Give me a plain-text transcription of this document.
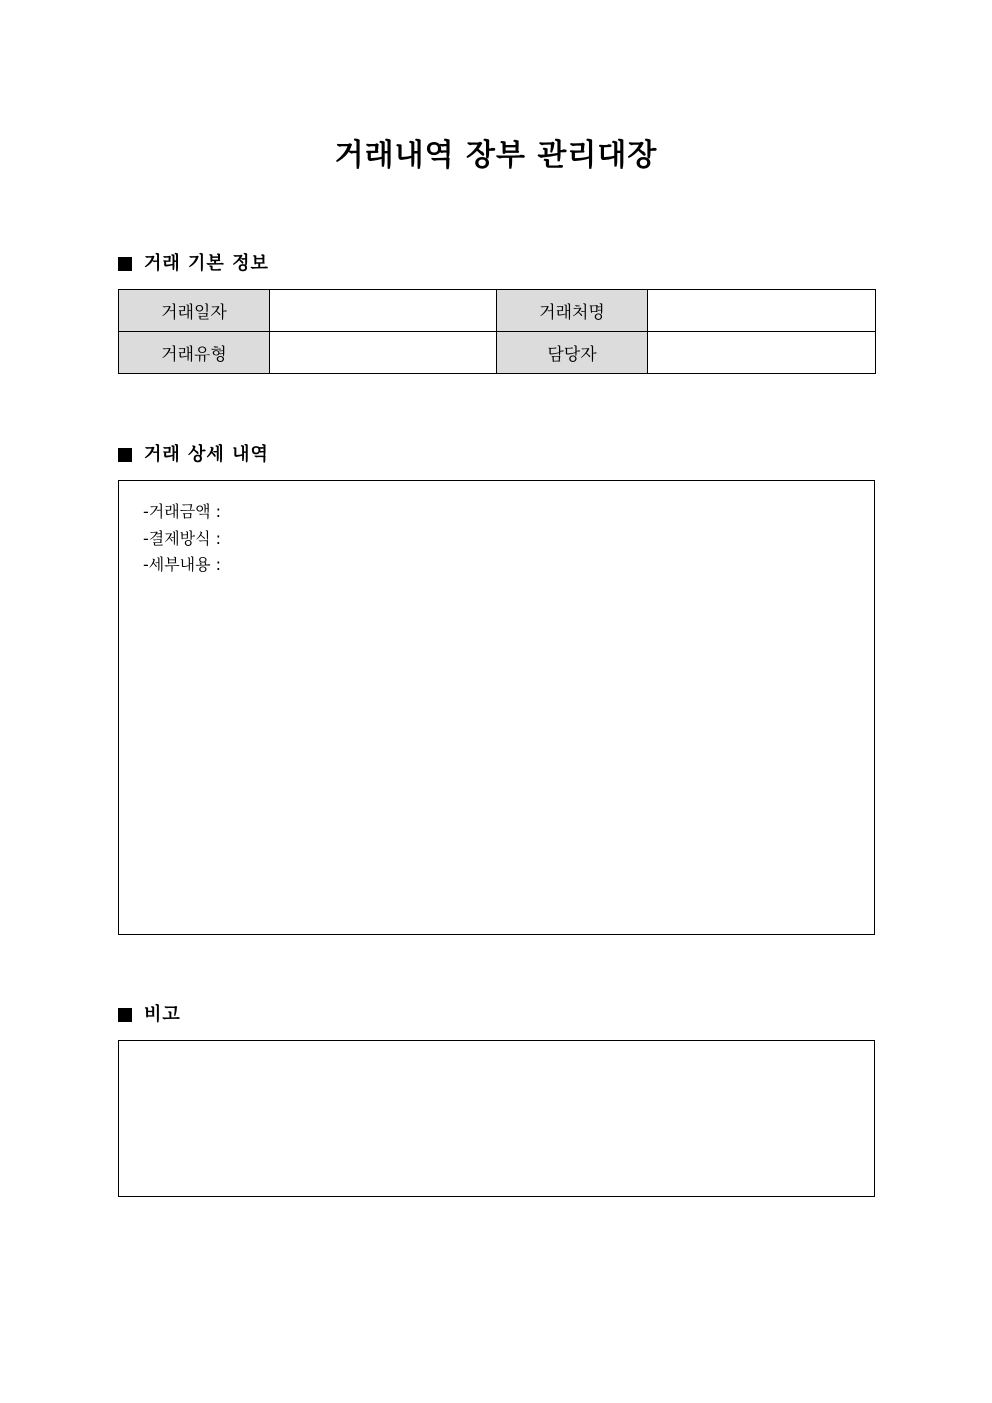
거래내역 장부 관리대장
거래 기본 정보
거래일자		거래처명	
거래유형		담당자	
거래 상세 내역
-거래금액 :
-결제방식 :
-세부내용 :
비고
